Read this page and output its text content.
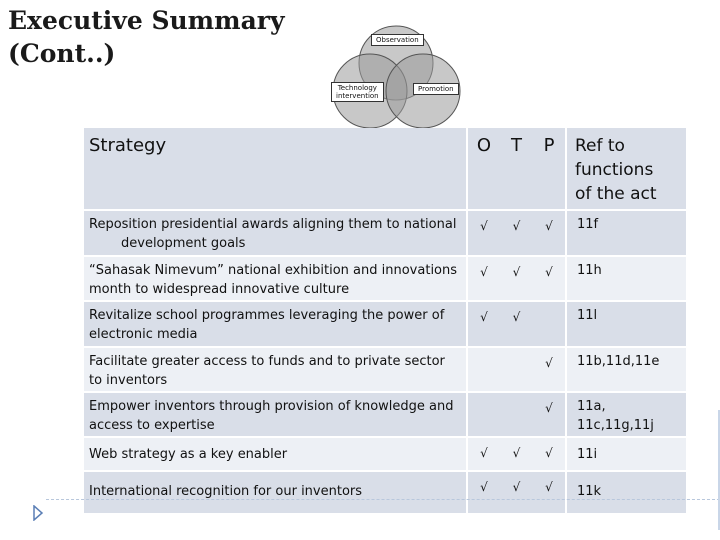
Executive Summary
(Cont..)	Observation
Technology
intervention
Promotion
Strategy	O	T	P	Ref to
functions
of the act
Reposition presidential awards aligning them to national
development goals	√	√	√	11f
“Sahasak Nimevum” national exhibition and innovations
month to widespread innovative culture	√	√	√	11h
Revitalize school programmes leveraging the power of
electronic media	√	√		11l
Facilitate greater access to funds and to private sector
to inventors			√	11b,11d,11e
Empower inventors through provision of knowledge and
access to expertise			√	11a,
11c,11g,11j
Web strategy as a key enabler	√	√	√	11i
International recognition for our inventors	√	√	√	11k
